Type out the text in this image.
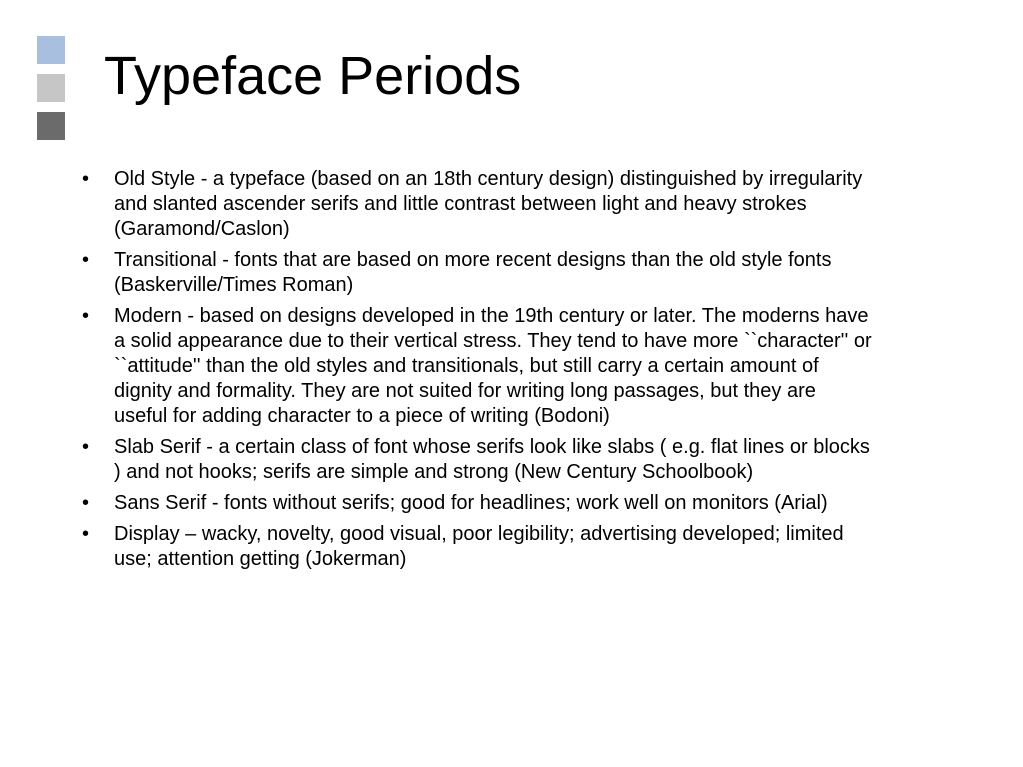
Typeface Periods
•	Old Style - a typeface (based on an 18th century design) distinguished by irregularity and slanted ascender serifs and little contrast between light and heavy strokes (Garamond/Caslon)
•	Transitional - fonts that are based on more recent designs than the old style fonts (Baskerville/Times Roman)
•	Modern - based on designs developed in the 19th century or later. The moderns have a solid appearance due to their vertical stress. They tend to have more ``character'' or ``attitude'' than the old styles and transitionals, but still carry a certain amount of dignity and formality. They are not suited for writing long passages, but they are useful for adding character to a piece of writing (Bodoni)
•	Slab Serif - a certain class of font whose serifs look like slabs ( e.g. flat lines or blocks ) and not hooks; serifs are simple and strong (New Century Schoolbook)
•	Sans Serif - fonts without serifs; good for headlines; work well on monitors (Arial)
•	Display – wacky, novelty, good visual, poor legibility; advertising developed; limited use; attention getting (Jokerman)
